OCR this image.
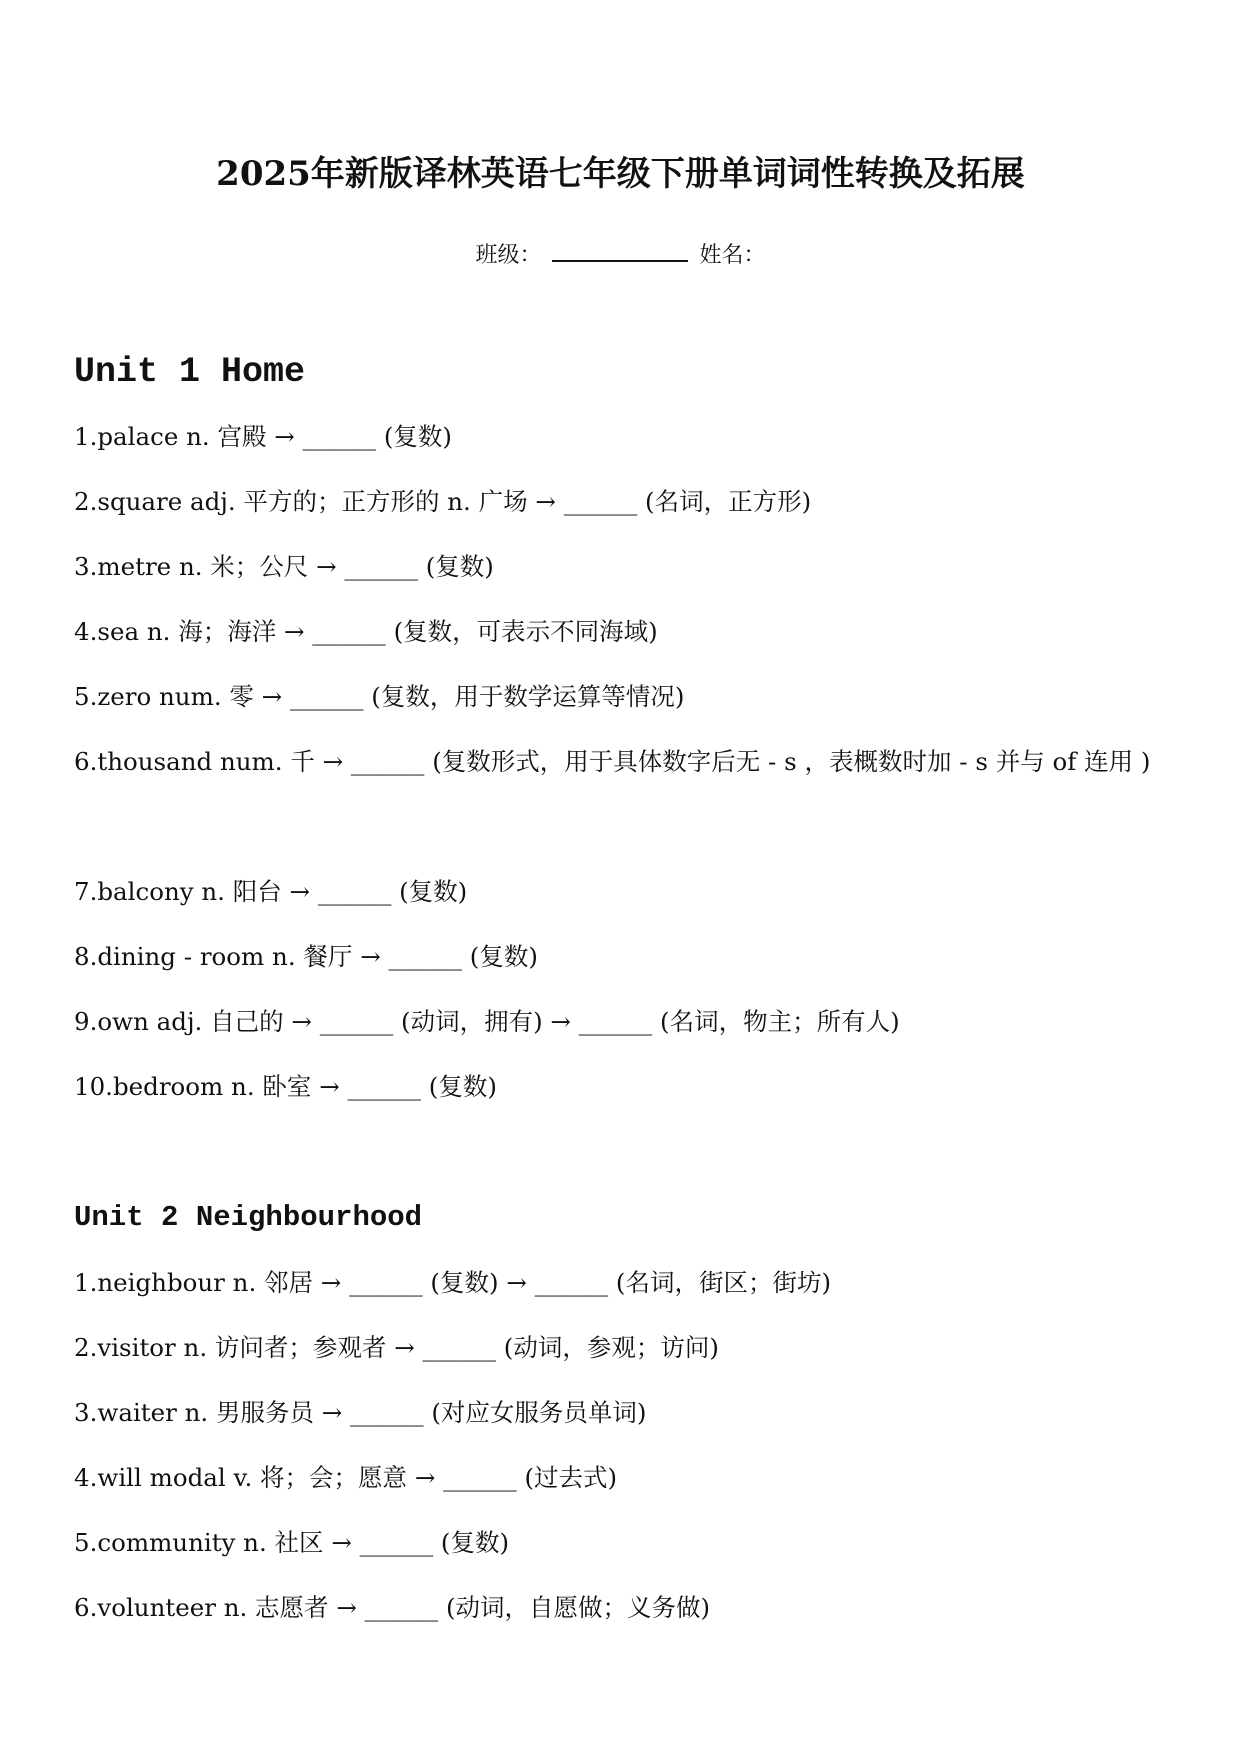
2025年新版译林英语七年级下册单词词性转换及拓展
班级：	姓名：
Unit 1 Home
1.palace n. 宫殿 → ______ (复数)
2.square adj. 平方的；正方形的 n. 广场 → ______ (名词，正方形)
3.metre n. 米；公尺 → ______ (复数)
4.sea n. 海；海洋 → ______ (复数，可表示不同海域)
5.zero num. 零 → ______ (复数，用于数学运算等情况)
6.thousand num. 千 → ______ (复数形式，用于具体数字后无 - s ，表概数时加 - s 并与 of 连用 )
7.balcony n. 阳台 → ______ (复数)
8.dining - room n. 餐厅 → ______ (复数)
9.own adj. 自己的 → ______ (动词，拥有) → ______ (名词，物主；所有人)
10.bedroom n. 卧室 → ______ (复数)
Unit 2 Neighbourhood
1.neighbour n. 邻居 → ______ (复数) → ______ (名词，街区；街坊)
2.visitor n. 访问者；参观者 → ______ (动词，参观；访问)
3.waiter n. 男服务员 → ______ (对应女服务员单词)
4.will modal v. 将；会；愿意 → ______ (过去式)
5.community n. 社区 → ______ (复数)
6.volunteer n. 志愿者 → ______ (动词，自愿做；义务做)
